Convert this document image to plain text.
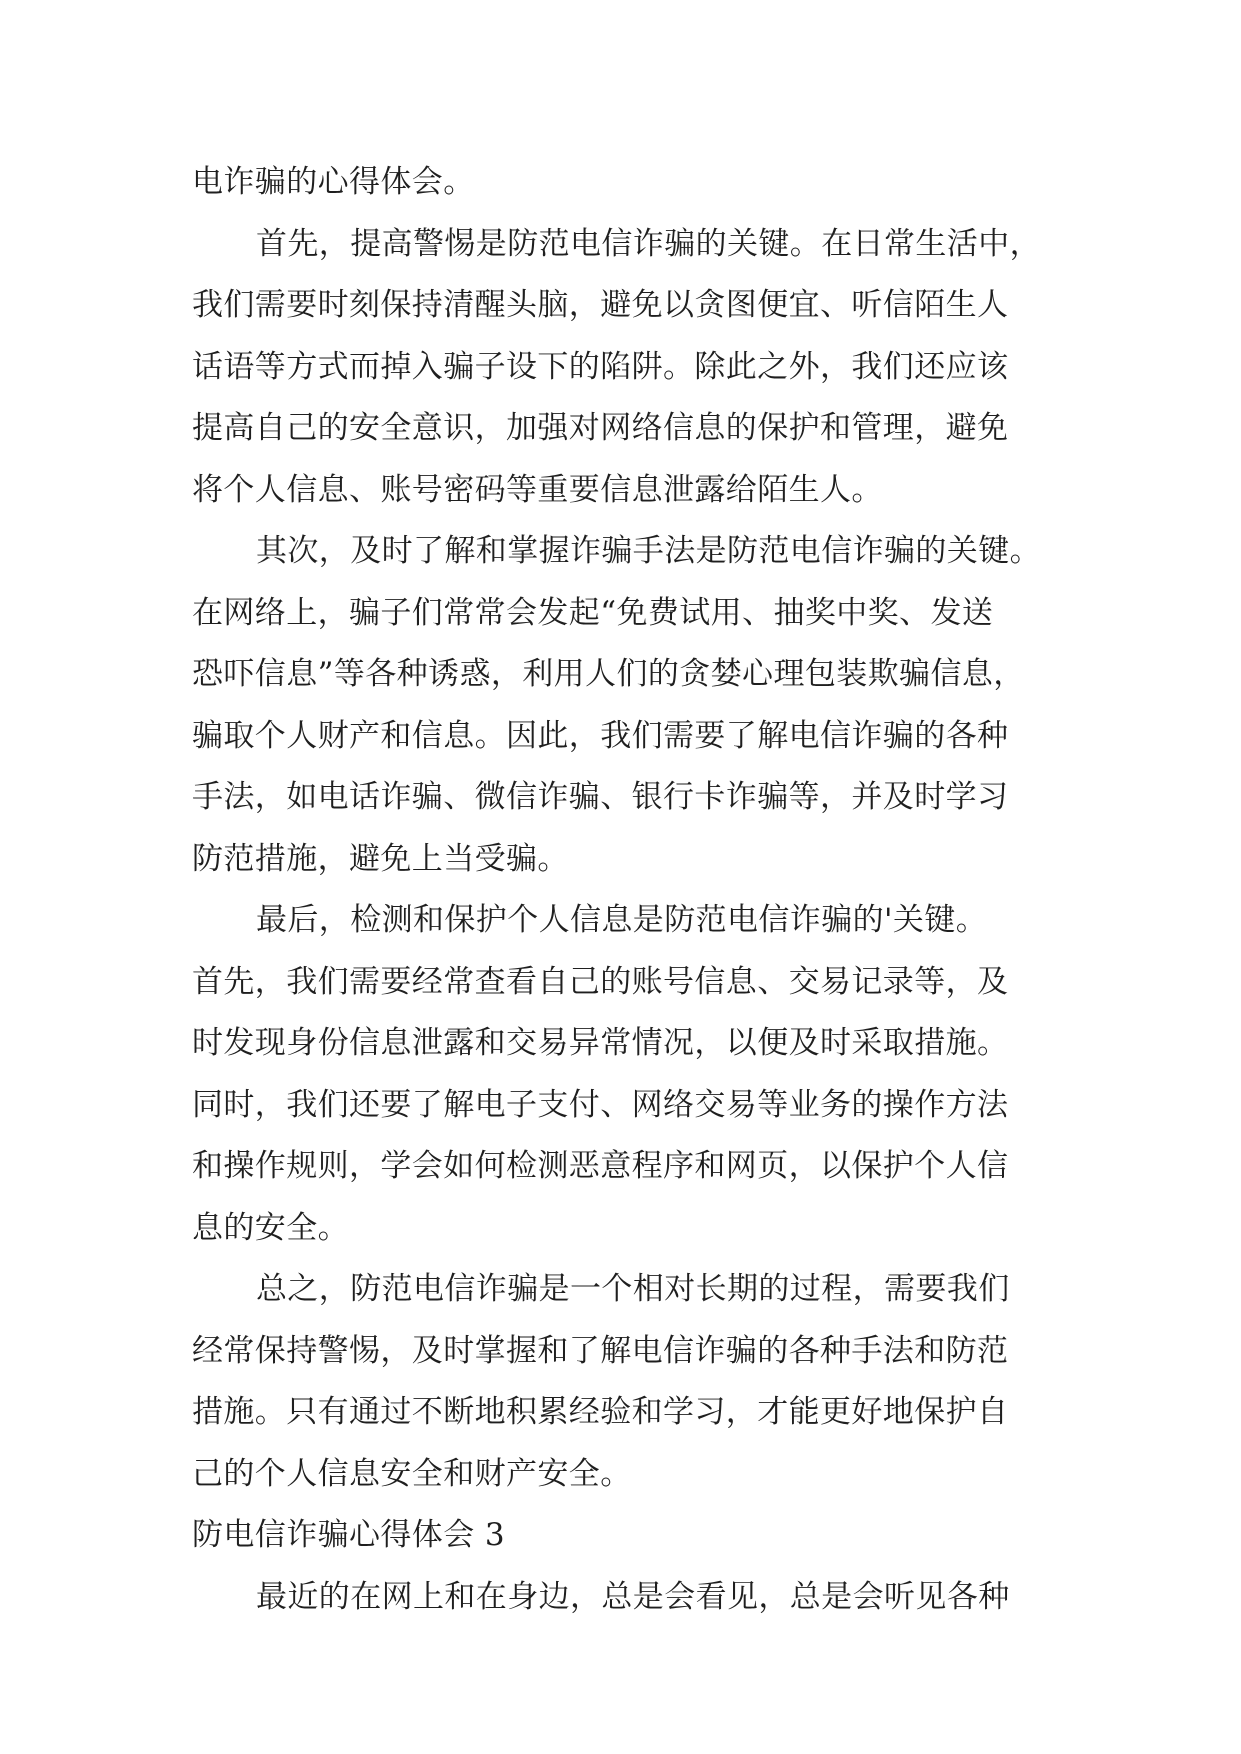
电诈骗的心得体会。
首先，提高警惕是防范电信诈骗的关键。在日常生活中，
我们需要时刻保持清醒头脑，避免以贪图便宜、听信陌生人
话语等方式而掉入骗子设下的陷阱。除此之外，我们还应该
提高自己的安全意识，加强对网络信息的保护和管理，避免
将个人信息、账号密码等重要信息泄露给陌生人。
其次，及时了解和掌握诈骗手法是防范电信诈骗的关键。
在网络上，骗子们常常会发起“免费试用、抽奖中奖、发送
恐吓信息”等各种诱惑，利用人们的贪婪心理包装欺骗信息，
骗取个人财产和信息。因此，我们需要了解电信诈骗的各种
手法，如电话诈骗、微信诈骗、银行卡诈骗等，并及时学习
防范措施，避免上当受骗。
最后，检测和保护个人信息是防范电信诈骗的'关键。
首先，我们需要经常查看自己的账号信息、交易记录等，及
时发现身份信息泄露和交易异常情况，以便及时采取措施。
同时，我们还要了解电子支付、网络交易等业务的操作方法
和操作规则，学会如何检测恶意程序和网页，以保护个人信
息的安全。
总之，防范电信诈骗是一个相对长期的过程，需要我们
经常保持警惕，及时掌握和了解电信诈骗的各种手法和防范
措施。只有通过不断地积累经验和学习，才能更好地保护自
己的个人信息安全和财产安全。
防电信诈骗心得体会 3
最近的在网上和在身边，总是会看见，总是会听见各种
